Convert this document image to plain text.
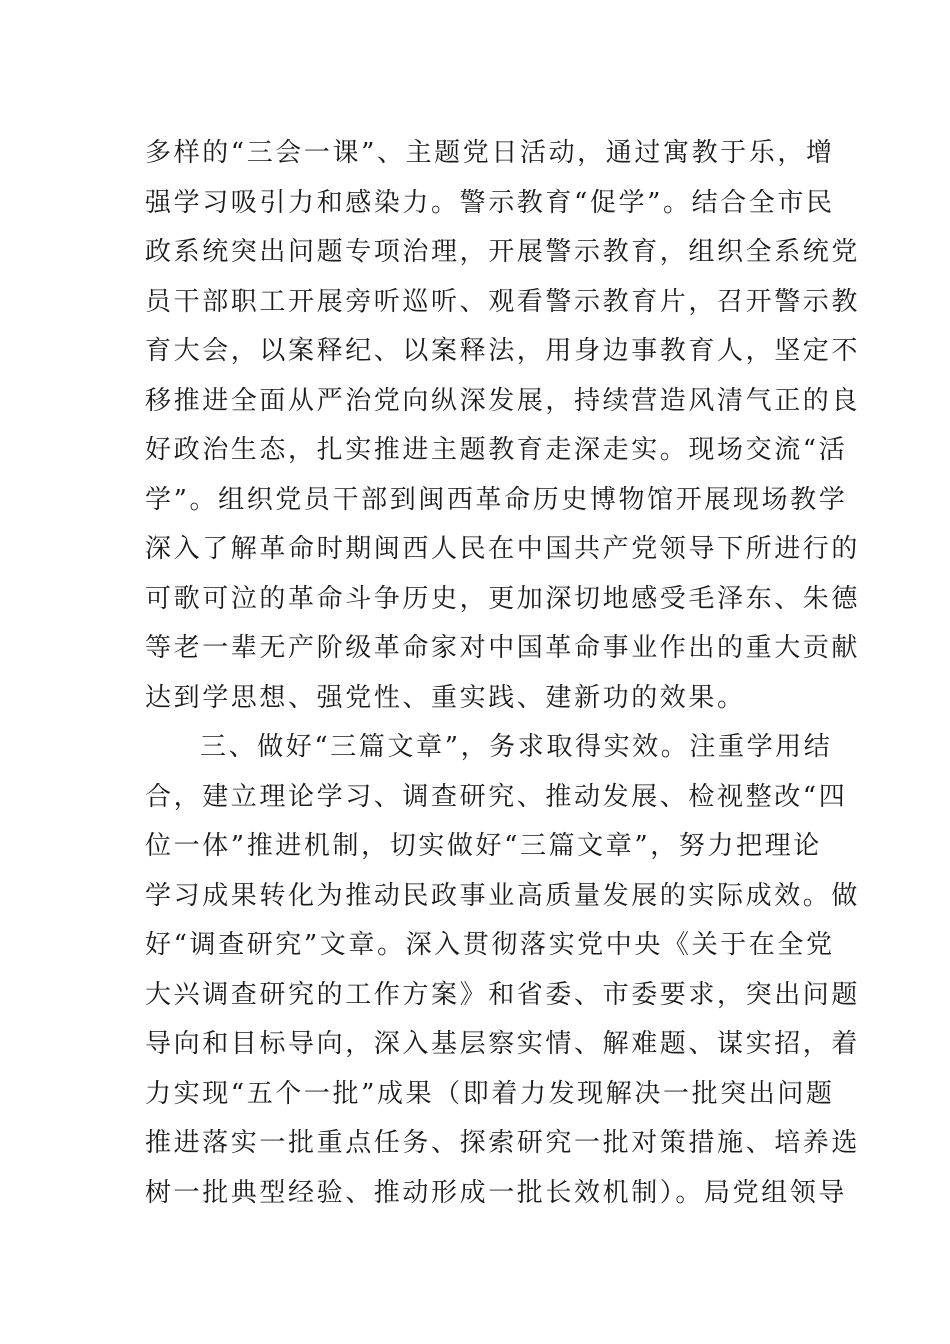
多样的“三会一课”、主题党日活动，通过寓教于乐，增
强学习吸引力和感染力。警示教育“促学”。结合全市民
政系统突出问题专项治理，开展警示教育，组织全系统党
员干部职工开展旁听巡听、观看警示教育片，召开警示教
育大会，以案释纪、以案释法，用身边事教育人，坚定不
移推进全面从严治党向纵深发展，持续营造风清气正的良
好政治生态，扎实推进主题教育走深走实。现场交流“活
学”。组织党员干部到闽西革命历史博物馆开展现场教学
深入了解革命时期闽西人民在中国共产党领导下所进行的
可歌可泣的革命斗争历史，更加深切地感受毛泽东、朱德
等老一辈无产阶级革命家对中国革命事业作出的重大贡献
达到学思想、强党性、重实践、建新功的效果。
三、做好“三篇文章”，务求取得实效。注重学用结
合，建立理论学习、调查研究、推动发展、检视整改“四
位一体”推进机制，切实做好“三篇文章”，努力把理论
学习成果转化为推动民政事业高质量发展的实际成效。做
好“调查研究”文章。深入贯彻落实党中央《关于在全党
大兴调查研究的工作方案》和省委、市委要求，突出问题
导向和目标导向，深入基层察实情、解难题、谋实招，着
力实现“五个一批”成果（即着力发现解决一批突出问题
推进落实一批重点任务、探索研究一批对策措施、培养选
树一批典型经验、推动形成一批长效机制）。局党组领导
